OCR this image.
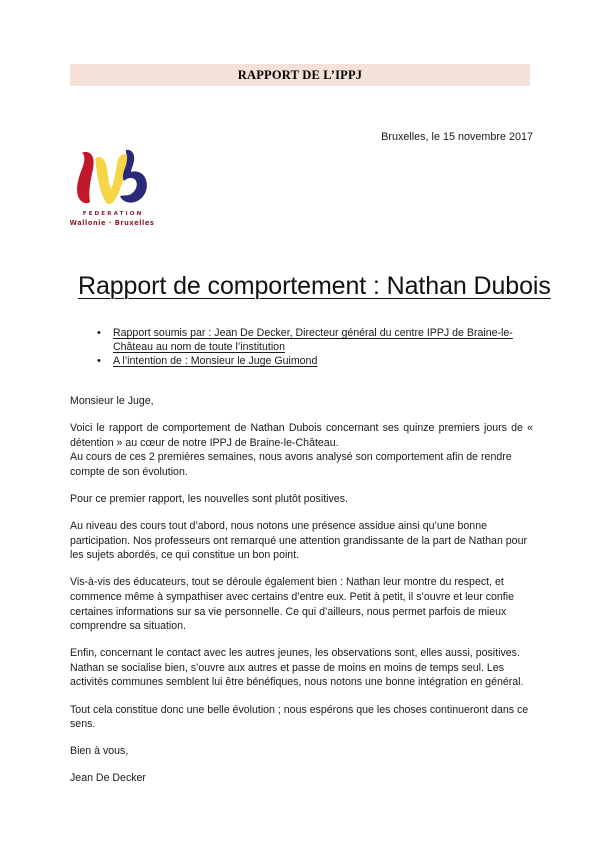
RAPPORT DE L’IPPJ
Bruxelles, le 15 novembre 2017
FEDERATION
Wallonie · Bruxelles
Rapport de comportement : Nathan Dubois
• Rapport soumis par : Jean De Decker, Directeur général du centre IPPJ de Braine-le-Château au nom de toute l’institution
• A l’intention de : Monsieur le Juge Guimond

Monsieur le Juge,

Voici le rapport de comportement de Nathan Dubois concernant ses quinze premiers jours de « détention » au cœur de notre IPPJ de Braine-le-Château.

Au cours de ces 2 premières semaines, nous avons analysé son comportement afin de rendre compte de son évolution.

Pour ce premier rapport, les nouvelles sont plutôt positives.

Au niveau des cours tout d’abord, nous notons une présence assidue ainsi qu’une bonne participation. Nos professeurs ont remarqué une attention grandissante de la part de Nathan pour les sujets abordés, ce qui constitue un bon point.

Vis-à-vis des éducateurs, tout se déroule également bien : Nathan leur montre du respect, et commence même à sympathiser avec certains d’entre eux. Petit à petit, il s’ouvre et leur confie certaines informations sur sa vie personnelle. Ce qui d’ailleurs, nous permet parfois de mieux comprendre sa situation.

Enfin, concernant le contact avec les autres jeunes, les observations sont, elles aussi, positives. Nathan se socialise bien, s’ouvre aux autres et passe de moins en moins de temps seul. Les activités communes semblent lui être bénéfiques, nous notons une bonne intégration en général.

Tout cela constitue donc une belle évolution ; nous espérons que les choses continueront dans ce sens.

Bien à vous,

Jean De Decker
